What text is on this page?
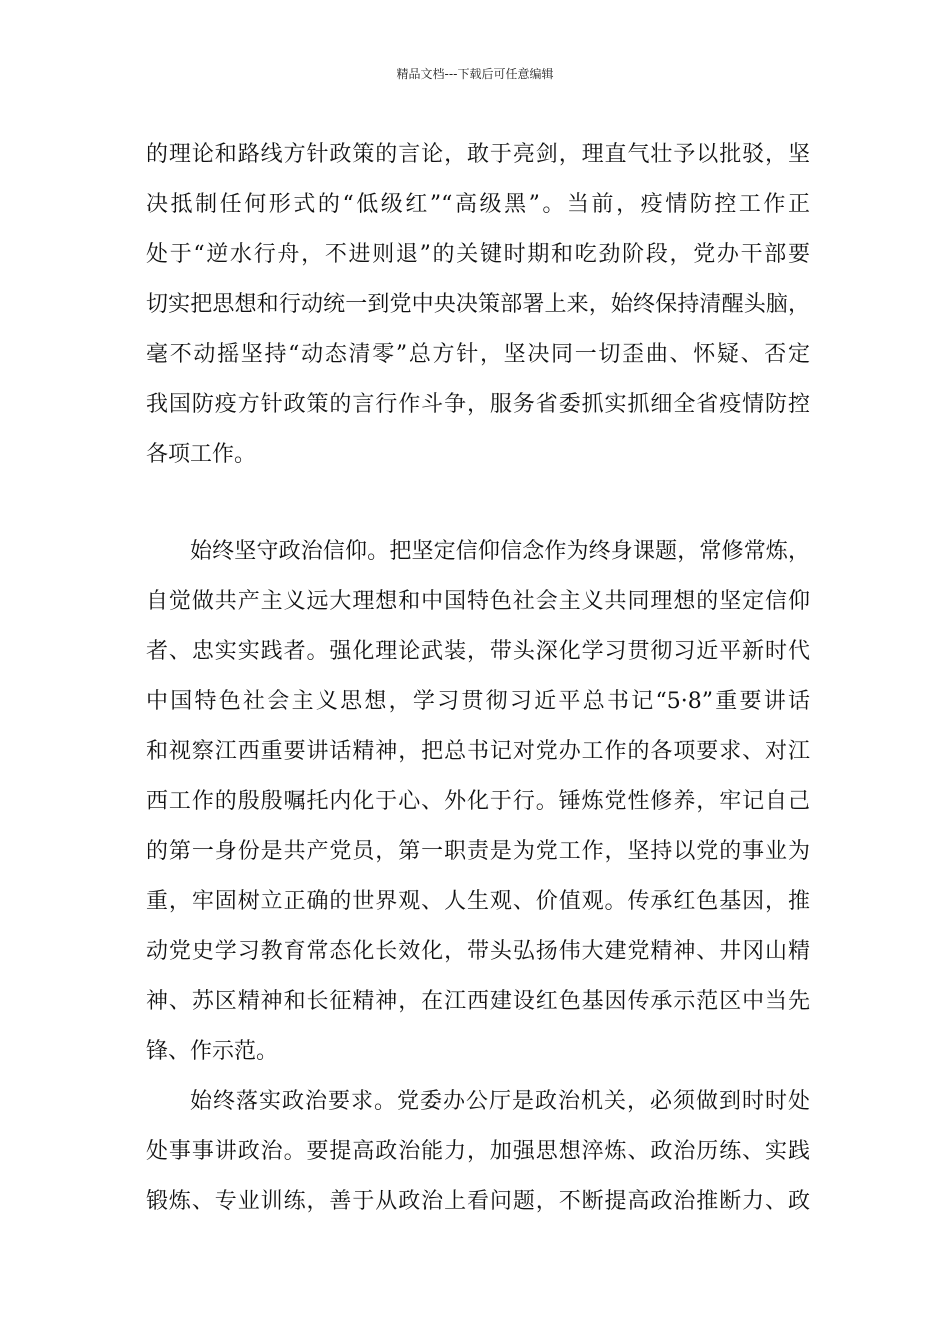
精品文档---下载后可任意编辑
的理论和路线方针政策的言论，敢于亮剑，理直气壮予以批驳，坚
决抵制任何形式的“低级红”“高级黑”。当前，疫情防控工作正
处于“逆水行舟，不进则退”的关键时期和吃劲阶段，党办干部要
切实把思想和行动统一到党中央决策部署上来，始终保持清醒头脑，
毫不动摇坚持“动态清零”总方针，坚决同一切歪曲、怀疑、否定
我国防疫方针政策的言行作斗争，服务省委抓实抓细全省疫情防控
各项工作。
始终坚守政治信仰。把坚定信仰信念作为终身课题，常修常炼，
自觉做共产主义远大理想和中国特色社会主义共同理想的坚定信仰
者、忠实实践者。强化理论武装，带头深化学习贯彻习近平新时代
中国特色社会主义思想，学习贯彻习近平总书记“5·8”重要讲话
和视察江西重要讲话精神，把总书记对党办工作的各项要求、对江
西工作的殷殷嘱托内化于心、外化于行。锤炼党性修养，牢记自己
的第一身份是共产党员，第一职责是为党工作，坚持以党的事业为
重，牢固树立正确的世界观、人生观、价值观。传承红色基因，推
动党史学习教育常态化长效化，带头弘扬伟大建党精神、井冈山精
神、苏区精神和长征精神，在江西建设红色基因传承示范区中当先
锋、作示范。
始终落实政治要求。党委办公厅是政治机关，必须做到时时处
处事事讲政治。要提高政治能力，加强思想淬炼、政治历练、实践
锻炼、专业训练，善于从政治上看问题，不断提高政治推断力、政
